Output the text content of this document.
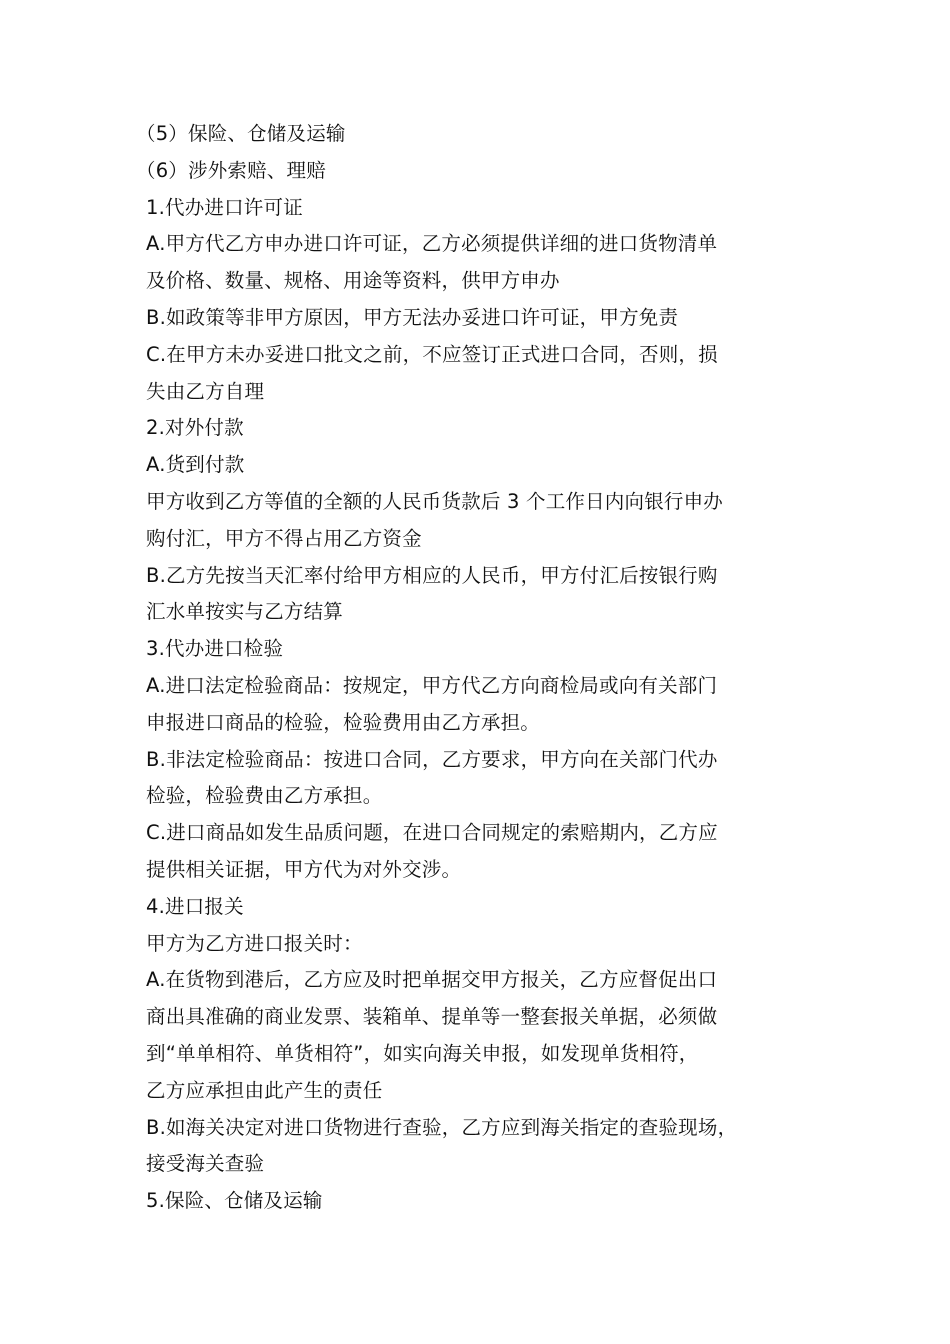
（5）保险、仓储及运输
（6）涉外索赔、理赔
1.代办进口许可证
A.甲方代乙方申办进口许可证，乙方必须提供详细的进口货物清单
及价格、数量、规格、用途等资料，供甲方申办
B.如政策等非甲方原因，甲方无法办妥进口许可证，甲方免责
C.在甲方未办妥进口批文之前，不应签订正式进口合同，否则，损
失由乙方自理
2.对外付款
A.货到付款
甲方收到乙方等值的全额的人民币货款后 3 个工作日内向银行申办
购付汇，甲方不得占用乙方资金
B.乙方先按当天汇率付给甲方相应的人民币，甲方付汇后按银行购
汇水单按实与乙方结算
3.代办进口检验
A.进口法定检验商品：按规定，甲方代乙方向商检局或向有关部门
申报进口商品的检验，检验费用由乙方承担。
B.非法定检验商品：按进口合同，乙方要求，甲方向在关部门代办
检验，检验费由乙方承担。
C.进口商品如发生品质问题，在进口合同规定的索赔期内，乙方应
提供相关证据，甲方代为对外交涉。
4.进口报关
甲方为乙方进口报关时：
A.在货物到港后，乙方应及时把单据交甲方报关，乙方应督促出口
商出具准确的商业发票、装箱单、提单等一整套报关单据，必须做
到“单单相符、单货相符”，如实向海关申报，如发现单货相符，
乙方应承担由此产生的责任
B.如海关决定对进口货物进行查验，乙方应到海关指定的查验现场，
接受海关查验
5.保险、仓储及运输
